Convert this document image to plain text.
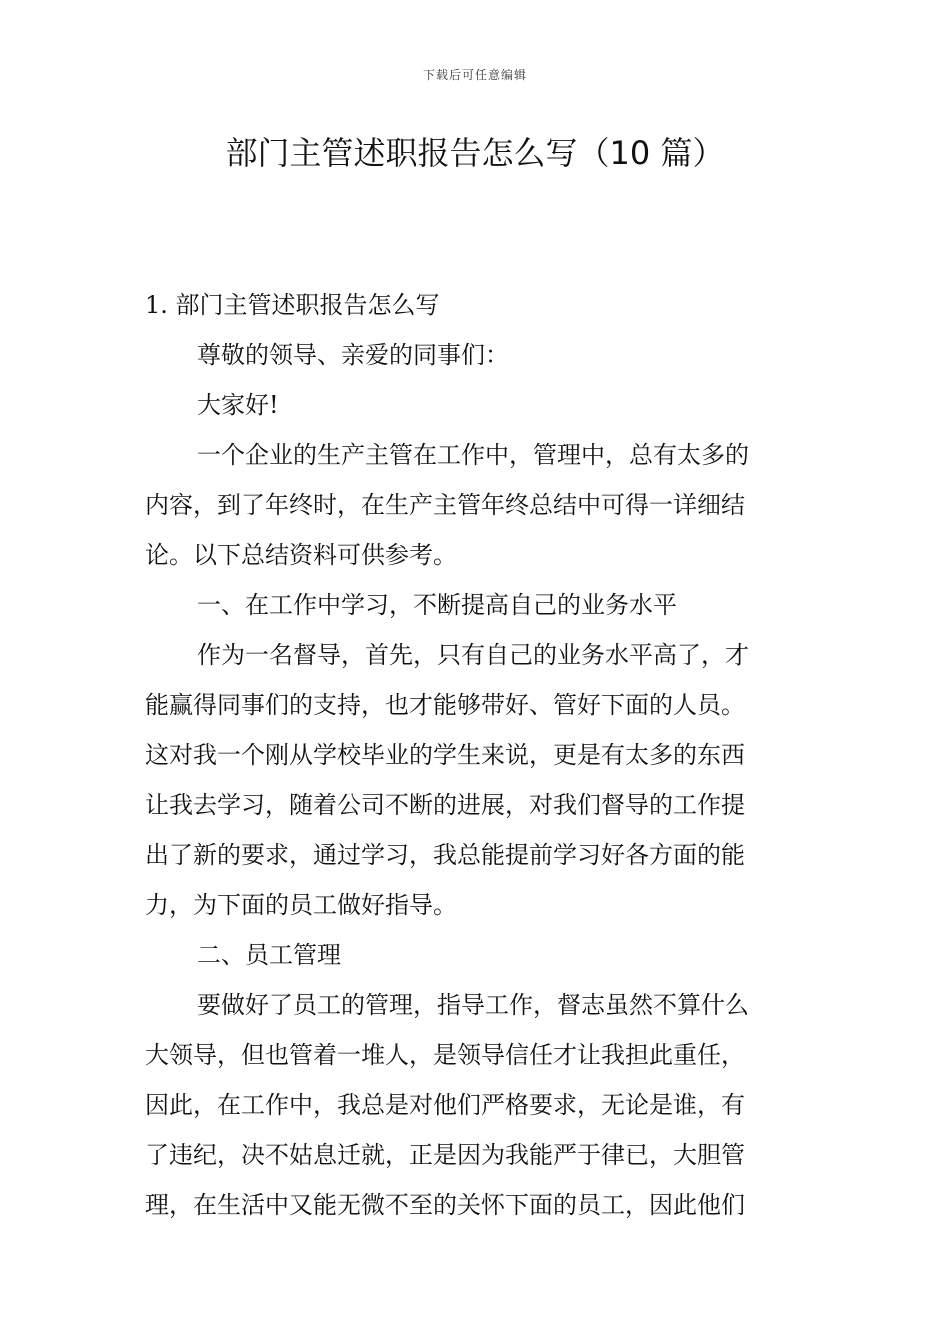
下载后可任意编辑
部门主管述职报告怎么写（10 篇）
1. 部门主管述职报告怎么写

尊敬的领导、亲爱的同事们：

大家好!

一个企业的生产主管在工作中，管理中，总有太多的
内容，到了年终时，在生产主管年终总结中可得一详细结
论。以下总结资料可供参考。

一、在工作中学习，不断提高自己的业务水平

作为一名督导，首先，只有自己的业务水平高了，才
能赢得同事们的支持，也才能够带好、管好下面的人员。
这对我一个刚从学校毕业的学生来说，更是有太多的东西
让我去学习，随着公司不断的进展，对我们督导的工作提
出了新的要求，通过学习，我总能提前学习好各方面的能
力，为下面的员工做好指导。

二、员工管理

要做好了员工的管理，指导工作，督志虽然不算什么
大领导，但也管着一堆人，是领导信任才让我担此重任，
因此，在工作中，我总是对他们严格要求，无论是谁，有
了违纪，决不姑息迁就，正是因为我能严于律已，大胆管
理，在生活中又能无微不至的关怀下面的员工，因此他们
